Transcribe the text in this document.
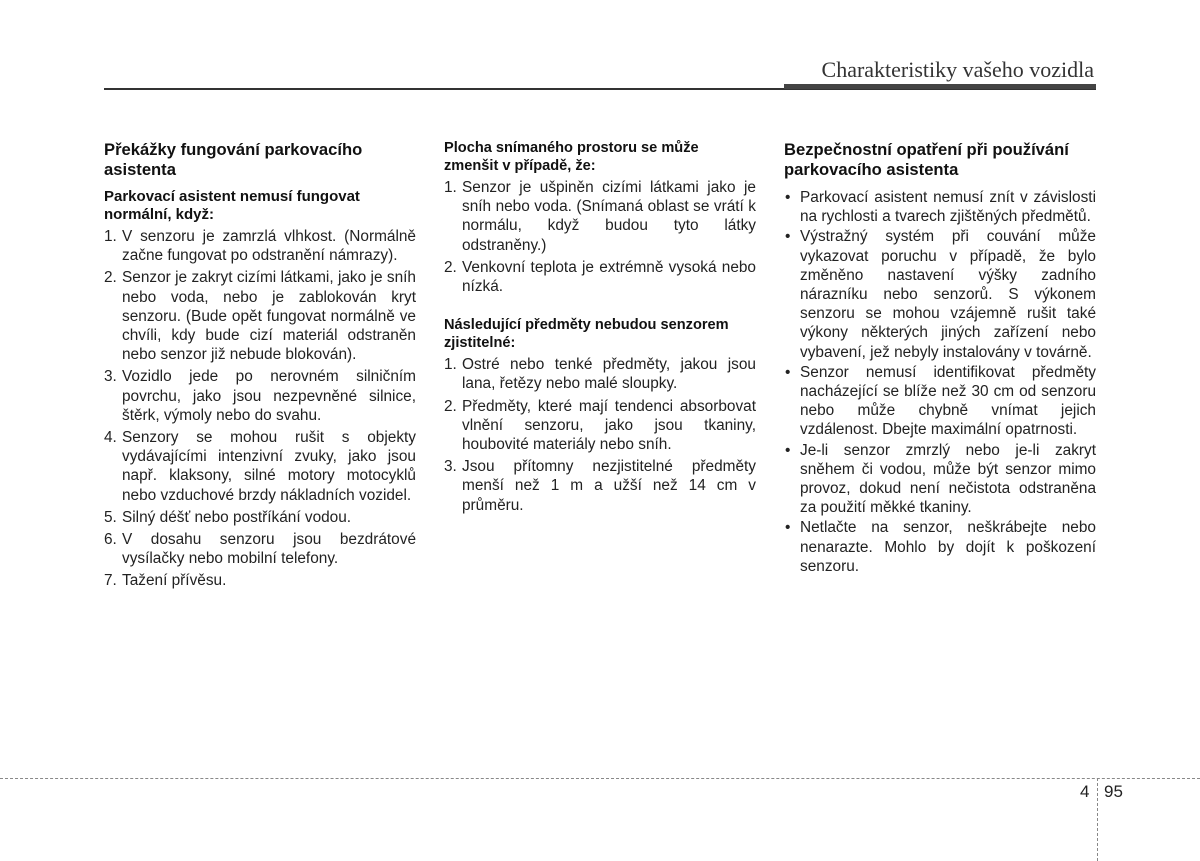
Charakteristiky vašeho vozidla
Překážky fungování parkovacího asistenta
Parkovací asistent nemusí fungovat normální, když:
1. V senzoru je zamrzlá vlhkost. (Normálně začne fungovat po odstranění námrazy).
2. Senzor je zakryt cizími látkami, jako je sníh nebo voda, nebo je zablokován kryt senzoru. (Bude opět fungovat normálně ve chvíli, kdy bude cizí materiál odstraněn nebo senzor již nebude blokován).
3. Vozidlo jede po nerovném silničním povrchu, jako jsou nezpevněné silnice, štěrk, výmoly nebo do svahu.
4. Senzory se mohou rušit s objekty vydávajícími intenzivní zvuky, jako jsou např. klaksony, silné motory motocyklů nebo vzduchové brzdy nákladních vozidel.
5. Silný déšť nebo postříkání vodou.
6. V dosahu senzoru jsou bezdrátové vysílačky nebo mobilní telefony.
7. Tažení přívěsu.
Plocha snímaného prostoru se může zmenšit v případě, že:
1. Senzor je ušpiněn cizími látkami jako je sníh nebo voda. (Snímaná oblast se vrátí k normálu, když budou tyto látky odstraněny.)
2. Venkovní teplota je extrémně vysoká nebo nízká.
Následující předměty nebudou senzorem zjistitelné:
1. Ostré nebo tenké předměty, jakou jsou lana, řetězy nebo malé sloupky.
2. Předměty, které mají tendenci absorbovat vlnění senzoru, jako jsou tkaniny, houbovité materiály nebo sníh.
3. Jsou přítomny nezjistitelné předměty menší než 1 m a užší než 14 cm v průměru.
Bezpečnostní opatření při používání parkovacího asistenta
• Parkovací asistent nemusí znít v závislosti na rychlosti a tvarech zjištěných předmětů.
• Výstražný systém při couvání může vykazovat poruchu v případě, že bylo změněno nastavení výšky zadního nárazníku nebo senzorů. S výkonem senzoru se mohou vzájemně rušit také výkony některých jiných zařízení nebo vybavení, jež nebyly instalovány v továrně.
• Senzor nemusí identifikovat předměty nacházející se blíže než 30 cm od senzoru nebo může chybně vnímat jejich vzdálenost. Dbejte maximální opatrnosti.
• Je-li senzor zmrzlý nebo je-li zakryt sněhem či vodou, může být senzor mimo provoz, dokud není nečistota odstraněna za použití měkké tkaniny.
• Netlačte na senzor, neškrábejte nebo nenarazte. Mohlo by dojít k poškození senzoru.
4 95
